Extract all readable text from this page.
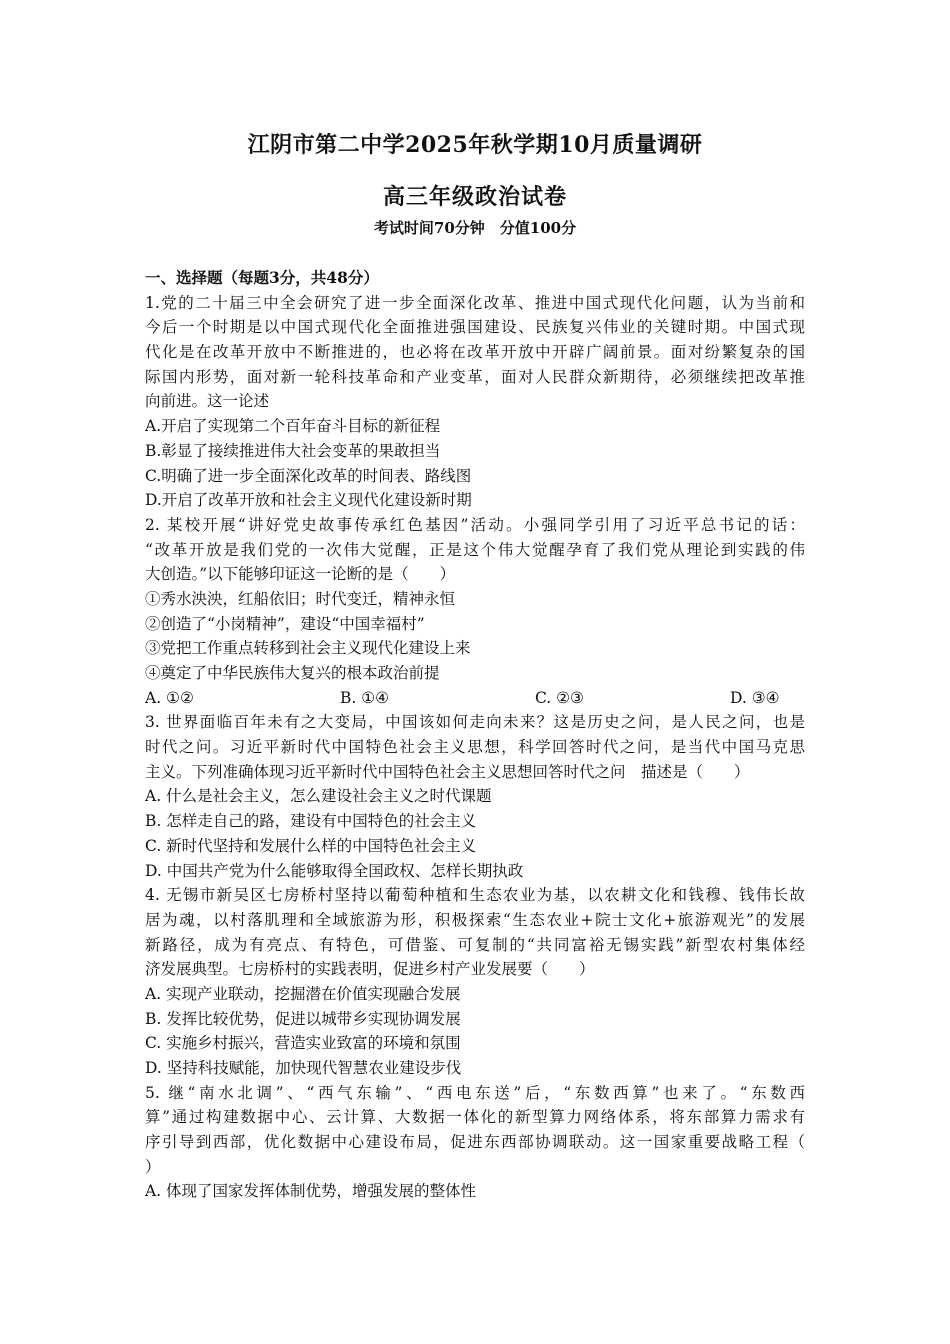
江阴市第二中学2025年秋学期10月质量调研
高三年级政治试卷
考试时间70分钟　分值100分
一、选择题（每题3分，共48分）
1.党的二十届三中全会研究了进一步全面深化改革、推进中国式现代化问题，认为当前和
今后一个时期是以中国式现代化全面推进强国建设、民族复兴伟业的关键时期。中国式现
代化是在改革开放中不断推进的，也必将在改革开放中开辟广阔前景。面对纷繁复杂的国
际国内形势，面对新一轮科技革命和产业变革，面对人民群众新期待，必须继续把改革推
向前进。这一论述
A.开启了实现第二个百年奋斗目标的新征程
B.彰显了接续推进伟大社会变革的果敢担当
C.明确了进一步全面深化改革的时间表、路线图
D.开启了改革开放和社会主义现代化建设新时期
2. 某校开展“讲好党史故事传承红色基因”活动。小强同学引用了习近平总书记的话：
“改革开放是我们党的一次伟大觉醒，正是这个伟大觉醒孕育了我们党从理论到实践的伟
大创造。”以下能够印证这一论断的是（　　）
①秀水泱泱，红船依旧；时代变迁，精神永恒
②创造了“小岗精神”，建设“中国幸福村”
③党把工作重点转移到社会主义现代化建设上来
④奠定了中华民族伟大复兴的根本政治前提
A. ①②	B. ①④	C. ②③	D. ③④
3. 世界面临百年未有之大变局，中国该如何走向未来？这是历史之问，是人民之问，也是
时代之问。习近平新时代中国特色社会主义思想，科学回答时代之问，是当代中国马克思
主义。下列准确体现习近平新时代中国特色社会主义思想回答时代之问　描述是（　　）
A. 什么是社会主义，怎么建设社会主义之时代课题
B. 怎样走自己的路，建设有中国特色的社会主义
C. 新时代坚持和发展什么样的中国特色社会主义
D. 中国共产党为什么能够取得全国政权、怎样长期执政
4. 无锡市新吴区七房桥村坚持以葡萄种植和生态农业为基，以农耕文化和钱穆、钱伟长故
居为魂，以村落肌理和全域旅游为形，积极探索“生态农业+院士文化+旅游观光”的发展
新路径，成为有亮点、有特色，可借鉴、可复制的“共同富裕无锡实践”新型农村集体经
济发展典型。七房桥村的实践表明，促进乡村产业发展要（　　）
A. 实现产业联动，挖掘潜在价值实现融合发展
B. 发挥比较优势，促进以城带乡实现协调发展
C. 实施乡村振兴，营造实业致富的环境和氛围
D. 坚持科技赋能，加快现代智慧农业建设步伐
5. 继“南水北调”、“西气东输”、“西电东送”后，“东数西算”也来了。“东数西
算”通过构建数据中心、云计算、大数据一体化的新型算力网络体系，将东部算力需求有
序引导到西部，优化数据中心建设布局，促进东西部协调联动。这一国家重要战略工程（
）
A. 体现了国家发挥体制优势，增强发展的整体性
